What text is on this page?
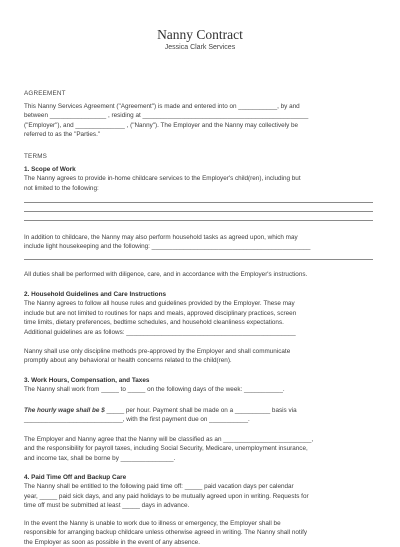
Nanny Contract
Jessica Clark Services
AGREEMENT

This Nanny Services Agreement ("Agreement") is made and entered into on ___________, by and

between ________________ , residing at _______________________________________________

("Employer"), and ______________ , ("Nanny"). The Employer and the Nanny may collectively be

referred to as the "Parties."

TERMS

1. Scope of Work

The Nanny agrees to provide in-home childcare services to the Employer's child(ren), including but

not limited to the following:

In addition to childcare, the Nanny may also perform household tasks as agreed upon, which may

include light housekeeping and the following: _____________________________________________

All duties shall be performed with diligence, care, and in accordance with the Employer's instructions.

2. Household Guidelines and Care Instructions

The Nanny agrees to follow all house rules and guidelines provided by the Employer. These may

include but are not limited to routines for naps and meals, approved disciplinary practices, screen

time limits, dietary preferences, bedtime schedules, and household cleanliness expectations.

Additional guidelines are as follows: ________________________________________________

Nanny shall use only discipline methods pre-approved by the Employer and shall communicate

promptly about any behavioral or health concerns related to the child(ren).

3. Work Hours, Compensation, and Taxes

The Nanny shall work from _____ to _____ on the following days of the week: ___________.

The hourly wage shall be $ _____ per hour. Payment shall be made on a __________ basis via

____________________________, with the first payment due on ___________.

The Employer and Nanny agree that the Nanny will be classified as an _________________________,

and the responsibility for payroll taxes, including Social Security, Medicare, unemployment insurance,

and income tax, shall be borne by _______________.

4. Paid Time Off and Backup Care

The Nanny shall be entitled to the following paid time off: _____ paid vacation days per calendar

year, _____ paid sick days, and any paid holidays to be mutually agreed upon in writing. Requests for

time off must be submitted at least _____ days in advance.

In the event the Nanny is unable to work due to illness or emergency, the Employer shall be

responsible for arranging backup childcare unless otherwise agreed in writing. The Nanny shall notify

the Employer as soon as possible in the event of any absence.
